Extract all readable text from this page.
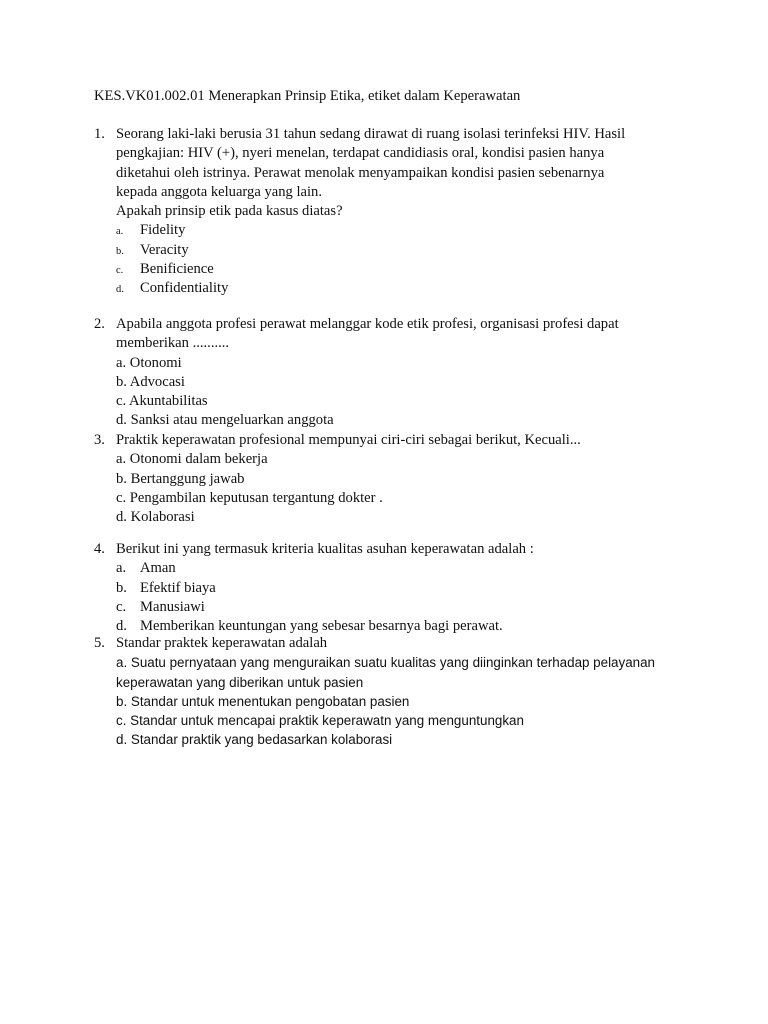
KES.VK01.002.01 Menerapkan Prinsip Etika, etiket dalam Keperawatan
1. Seorang laki-laki berusia 31 tahun sedang dirawat di ruang isolasi terinfeksi HIV. Hasil
pengkajian: HIV (+), nyeri menelan, terdapat candidiasis oral, kondisi pasien hanya
diketahui oleh istrinya. Perawat menolak menyampaikan kondisi pasien sebenarnya
kepada anggota keluarga yang lain.
Apakah prinsip etik pada kasus diatas?
a. Fidelity
b. Veracity
c. Benificience
d. Confidentiality
2. Apabila anggota profesi perawat melanggar kode etik profesi, organisasi profesi dapat
memberikan ..........
a. Otonomi
b. Advocasi
c. Akuntabilitas
d. Sanksi atau mengeluarkan anggota
3. Praktik keperawatan profesional mempunyai ciri-ciri sebagai berikut, Kecuali...
a. Otonomi dalam bekerja
b. Bertanggung jawab
c. Pengambilan keputusan tergantung dokter .
d. Kolaborasi
4. Berikut ini yang termasuk kriteria kualitas asuhan keperawatan adalah :
a. Aman
b. Efektif biaya
c. Manusiawi
d. Memberikan keuntungan yang sebesar besarnya bagi perawat.
5. Standar praktek keperawatan adalah
a. Suatu pernyataan yang menguraikan suatu kualitas yang diinginkan terhadap pelayanan
keperawatan yang diberikan untuk pasien
b. Standar untuk menentukan pengobatan pasien
c. Standar untuk mencapai praktik keperawatn yang menguntungkan
d. Standar praktik yang bedasarkan kolaborasi
